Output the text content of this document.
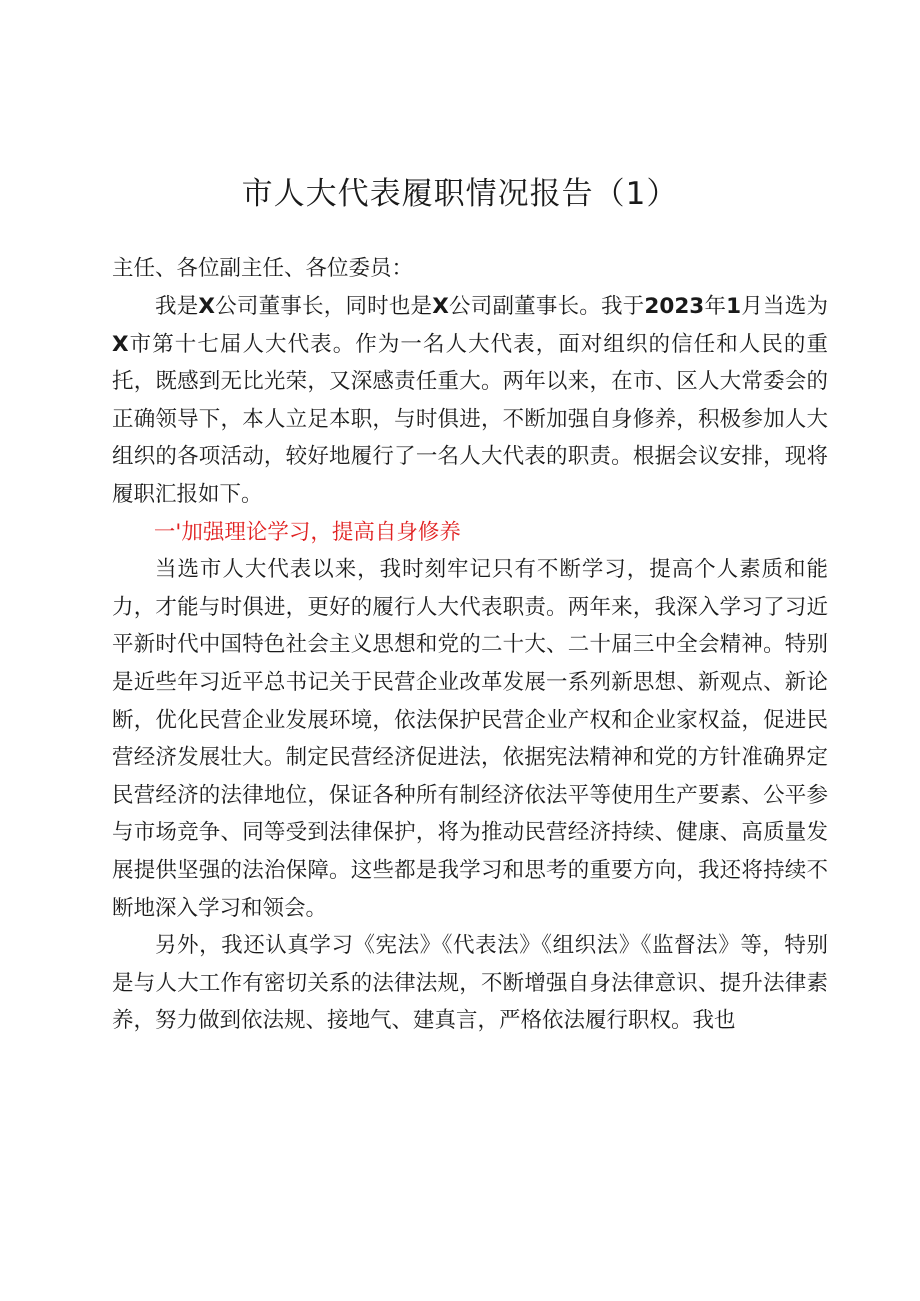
市人大代表履职情况报告（1）

主任、各位副主任、各位委员：

我是X公司董事长，同时也是X公司副董事长。我于2023年1月当选为X市第十七届人大代表。作为一名人大代表，面对组织的信任和人民的重托，既感到无比光荣，又深感责任重大。两年以来，在市、区人大常委会的正确领导下，本人立足本职，与时俱进，不断加强自身修养，积极参加人大组织的各项活动，较好地履行了一名人大代表的职责。根据会议安排，现将履职汇报如下。

一'加强理论学习，提高自身修养

当选市人大代表以来，我时刻牢记只有不断学习，提高个人素质和能力，才能与时俱进，更好的履行人大代表职责。两年来，我深入学习了习近平新时代中国特色社会主义思想和党的二十大、二十届三中全会精神。特别是近些年习近平总书记关于民营企业改革发展一系列新思想、新观点、新论断，优化民营企业发展环境，依法保护民营企业产权和企业家权益，促进民营经济发展壮大。制定民营经济促进法，依据宪法精神和党的方针准确界定民营经济的法律地位，保证各种所有制经济依法平等使用生产要素、公平参与市场竞争、同等受到法律保护，将为推动民营经济持续、健康、高质量发展提供坚强的法治保障。这些都是我学习和思考的重要方向，我还将持续不断地深入学习和领会。

另外，我还认真学习《宪法》《代表法》《组织法》《监督法》等，特别是与人大工作有密切关系的法律法规，不断增强自身法律意识、提升法律素养，努力做到依法规、接地气、建真言，严格依法履行职权。我也
